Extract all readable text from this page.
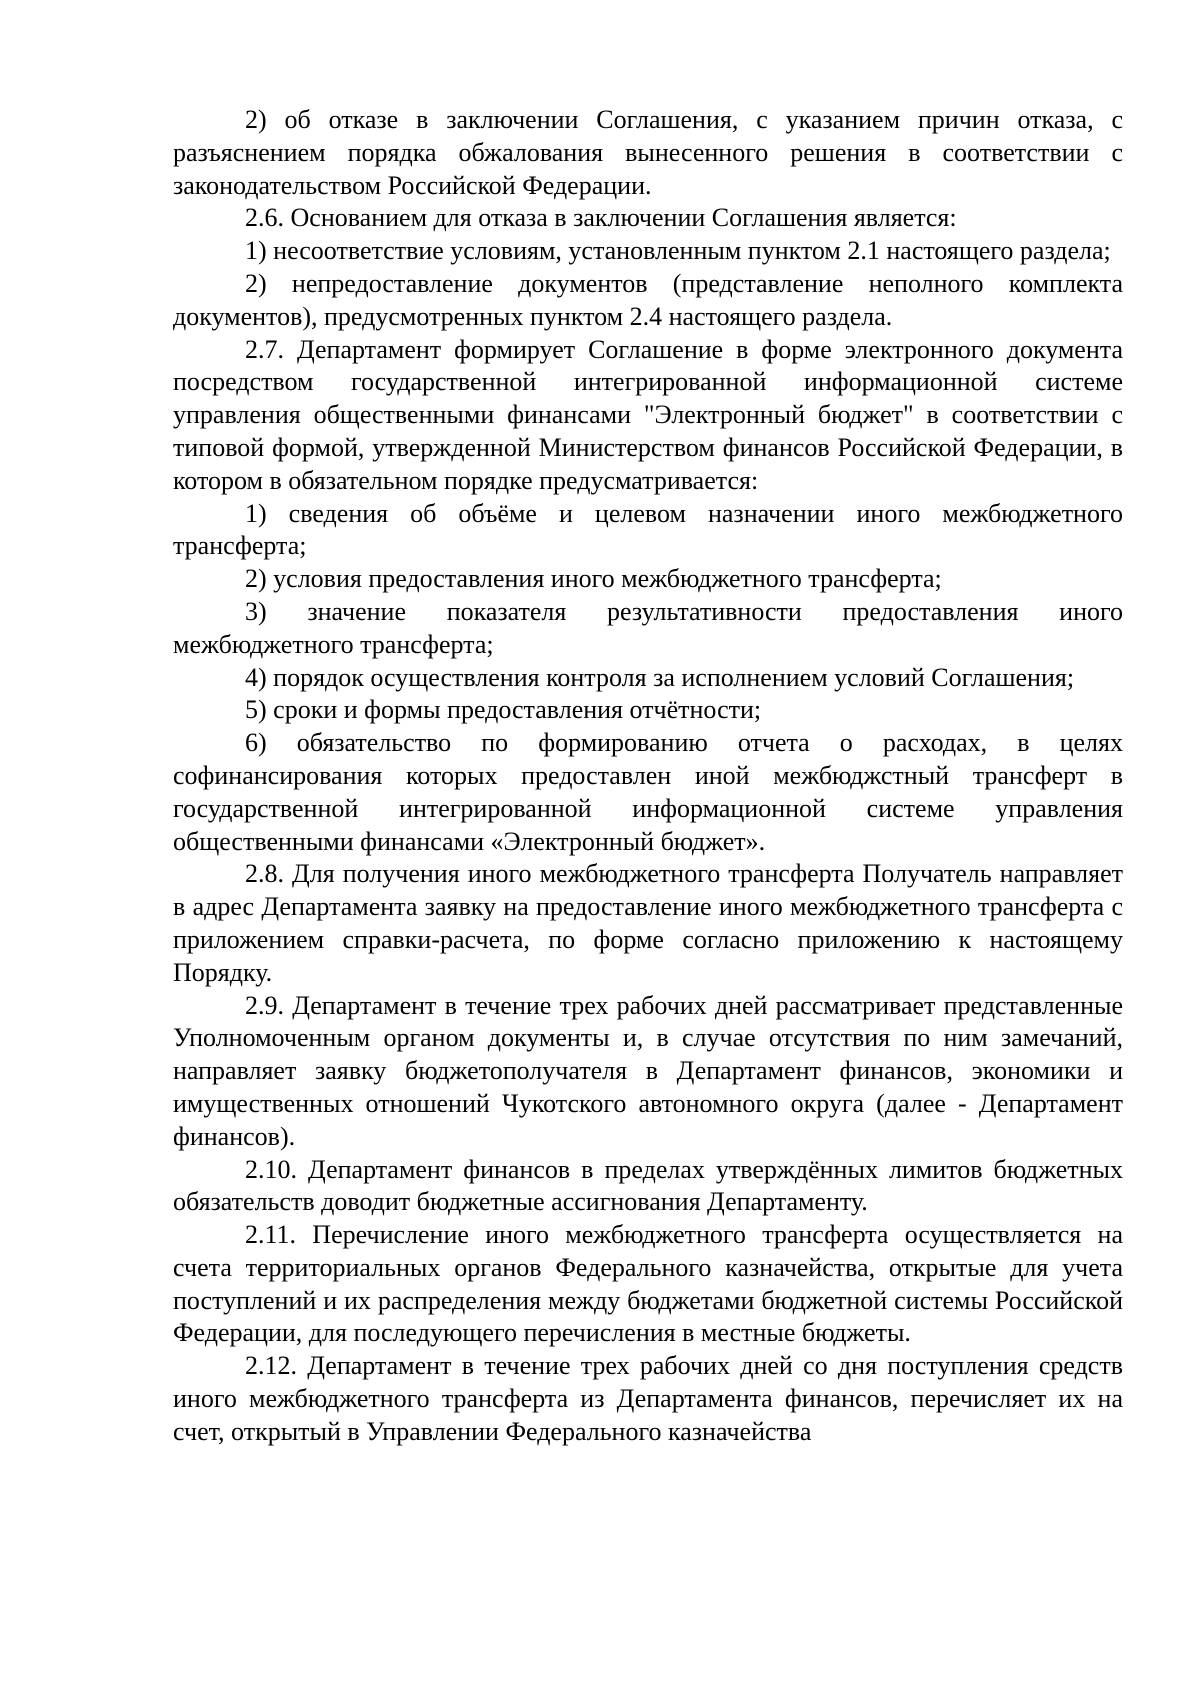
2) об отказе в заключении Соглашения, с указанием причин отказа, с разъяснением порядка обжалования вынесенного решения в соответствии с законодательством Российской Федерации.

2.6. Основанием для отказа в заключении Соглашения является:

1) несоответствие условиям, установленным пунктом 2.1 настоящего раздела;

2) непредоставление документов (представление неполного комплекта документов), предусмотренных пунктом 2.4 настоящего раздела.

2.7. Департамент формирует Соглашение в форме электронного документа посредством государственной интегрированной информационной системе управления общественными финансами "Электронный бюджет" в соответствии с типовой формой, утвержденной Министерством финансов Российской Федерации, в котором в обязательном порядке предусматривается:

1) сведения об объёме и целевом назначении иного межбюджетного трансферта;

2) условия предоставления иного межбюджетного трансферта;

3) значение показателя результативности предоставления иного межбюджетного трансферта;

4) порядок осуществления контроля за исполнением условий Соглашения;

5) сроки и формы предоставления отчётности;

6) обязательство по формированию отчета о расходах, в целях софинансирования которых предоставлен иной межбюджстный трансферт в государственной интегрированной информационной системе управления общественными финансами «Электронный бюджет».

2.8. Для получения иного межбюджетного трансферта Получатель направляет в адрес Департамента заявку на предоставление иного межбюджетного трансферта с приложением справки-расчета, по форме согласно приложению к настоящему Порядку.

2.9. Департамент в течение трех рабочих дней рассматривает представленные Уполномоченным органом документы и, в случае отсутствия по ним замечаний, направляет заявку бюджетополучателя в Департамент финансов, экономики и имущественных отношений Чукотского автономного округа (далее - Департамент финансов).

2.10. Департамент финансов в пределах утверждённых лимитов бюджетных обязательств доводит бюджетные ассигнования Департаменту.

2.11. Перечисление иного межбюджетного трансферта осуществляется на счета территориальных органов Федерального казначейства, открытые для учета поступлений и их распределения между бюджетами бюджетной системы Российской Федерации, для последующего перечисления в местные бюджеты.

2.12. Департамент в течение трех рабочих дней со дня поступления средств иного межбюджетного трансферта из Департамента финансов, перечисляет их на счет, открытый в Управлении Федерального казначейства
